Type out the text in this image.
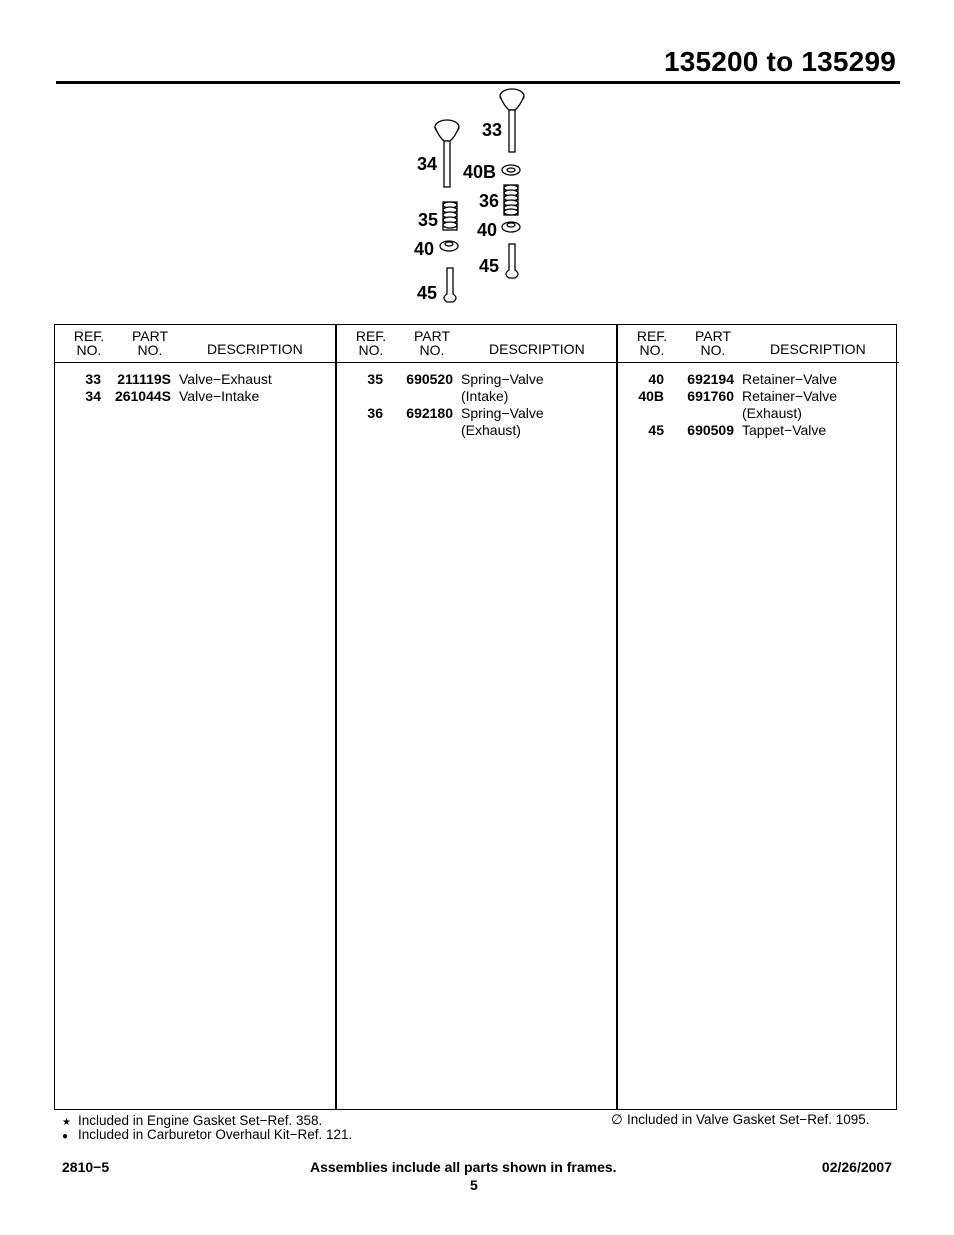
135200 to 135299
33
34 40B
36
35 40
40
45
45
REF.
NO.
PART
NO.	DESCRIPTION
33	211119S Valve−Exhaust
34 261044S Valve−Intake
REF.
NO.
PART
NO.	DESCRIPTION
35	690520 Spring−Valve
(Intake)
36	692180 Spring−Valve
(Exhaust)
REF.
NO.
PART
NO.	DESCRIPTION
40	692194 Retainer−Valve
40B	691760 Retainer−Valve
(Exhaust)
45	690509 Tappet−Valve
★ Included in Engine Gasket Set−Ref. 358.
● Included in Carburetor Overhaul Kit−Ref. 121.
∅ Included in Valve Gasket Set−Ref. 1095.
2810−5	Assemblies include all parts shown in frames.	02/26/2007
5
